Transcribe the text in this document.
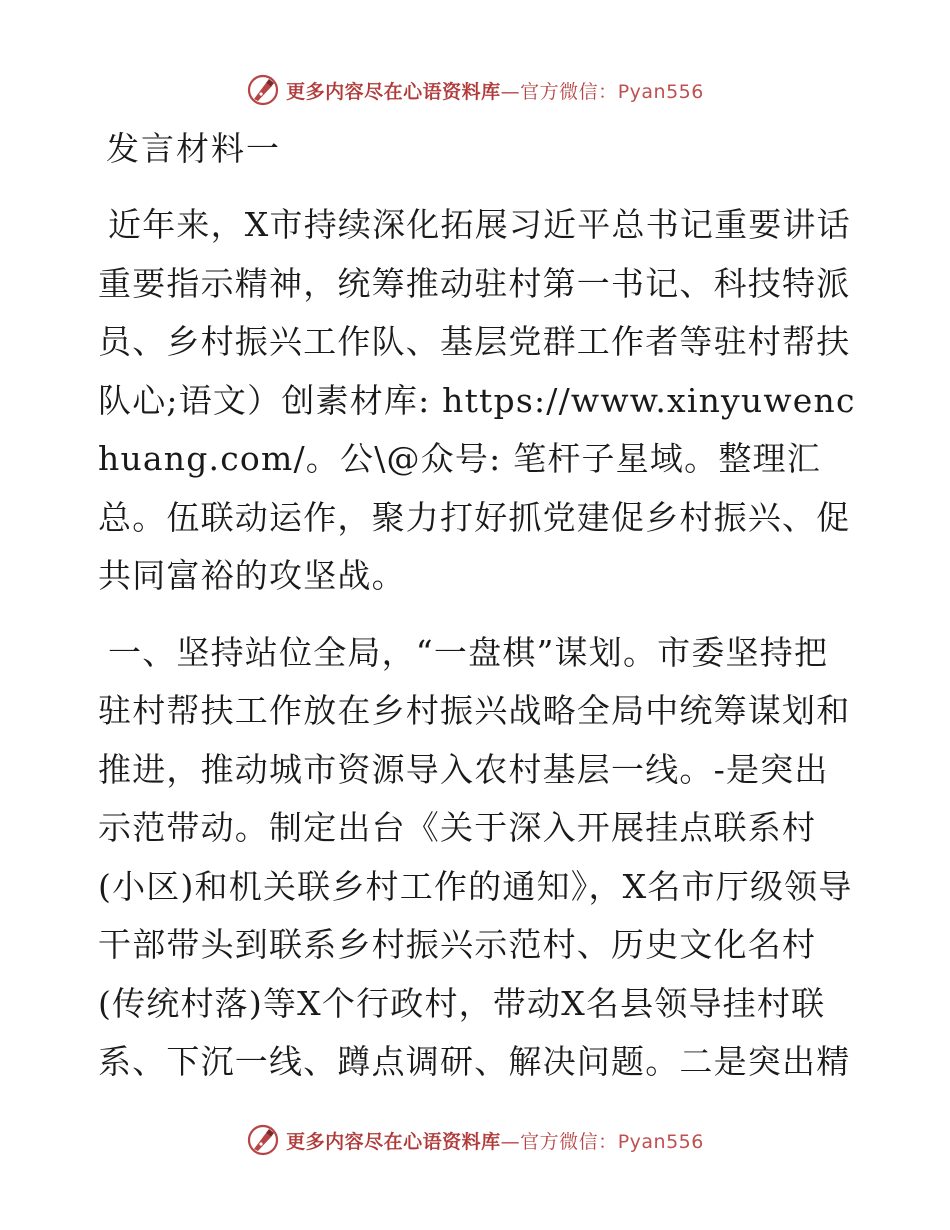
更多内容尽在心语资料库—官方微信：Pyan556
发言材料一

近年来，X市持续深化拓展习近平总书记重要讲话重要指示精神，统筹推动驻村第一书记、科技特派员、乡村振兴工作队、基层党群工作者等驻村帮扶队心;语文）创素材库: https://www.xinyuwenchuang.com/。公\@众号: 笔杆子星域。整理汇总。伍联动运作，聚力打好抓党建促乡村振兴、促共同富裕的攻坚战。

一、坚持站位全局，“一盘棋”谋划。市委坚持把驻村帮扶工作放在乡村振兴战略全局中统筹谋划和推进，推动城市资源导入农村基层一线。-是突出示范带动。制定出台《关于深入开展挂点联系村(小区)和机关联乡村工作的通知》，X名市厅级领导干部带头到联系乡村振兴示范村、历史文化名村(传统村落)等X个行政村，带动X名县领导挂村联系、下沉一线、蹲点调研、解决问题。二是突出精

更多内容尽在心语资料库—官方微信：Pyan556
